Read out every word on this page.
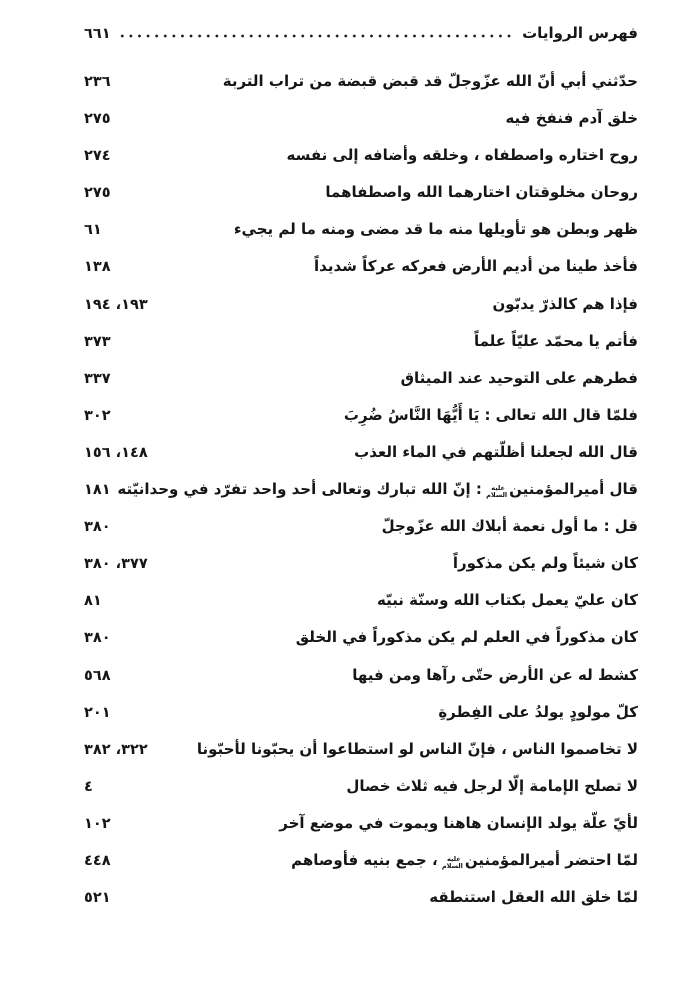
فهرس الروايات
٦٦١
حدّثني أبي أنّ الله عزّوجلّ قد قبض قبضة من تراب التربة
٢٣٦
خلق آدم فنفخ فيه
٢٧٥
روح اختاره واصطفاه ، وخلقه وأضافه إلى نفسه
٢٧٤
روحان مخلوقتان اختارهما الله واصطفاهما
٢٧٥
ظهر وبطن هو تأويلها منه ما قد مضى ومنه ما لم يجيء
٦١
فأخذ طينا من أديم الأرض فعركه عركاً شديداً
١٣٨
فإذا هم كالذرّ يدبّون
١٩٣، ١٩٤
فأتم يا محمّد عليّاً علماً
٣٧٣
فطرهم على التوحيد عند الميثاق
٣٣٧
فلمّا قال الله تعالى : يَا أَيُّهَا النَّاسُ ضُرِبَ
٣٠٢
قال الله لجعلنا أظلّتهم في الماء العذب
١٤٨، ١٥٦
قال أميرالمؤمنينعليه السلام : إنّ الله تبارك وتعالى أحد واحد تفرّد في وحدانيّته
١٨١
قل : ما أول نعمة أبلاك الله عزّوجلّ
٣٨٠
كان شيئاً ولم يكن مذكوراً
٣٧٧، ٣٨٠
كان عليّ يعمل بكتاب الله وسنّة نبيّه
٨١
كان مذكوراً في العلم لم يكن مذكوراً في الخلق
٣٨٠
كشط له عن الأرض حتّى رآها ومن فيها
٥٦٨
كلّ مولودٍ يولدُ على الفِطرةِ
٢٠١
لا تخاصموا الناس ، فإنّ الناس لو استطاعوا أن يحبّونا لأحبّونا
٣٢٢، ٣٨٢
لا تصلح الإمامة إلّا لرجل فيه ثلاث خصال
٤
لأيّ علّة يولد الإنسان هاهنا ويموت في موضع آخر
١٠٢
لمّا احتضر أميرالمؤمنينعليه السلام ، جمع بنيه فأوصاهم
٤٤٨
لمّا خلق الله العقل استنطقه
٥٢١
